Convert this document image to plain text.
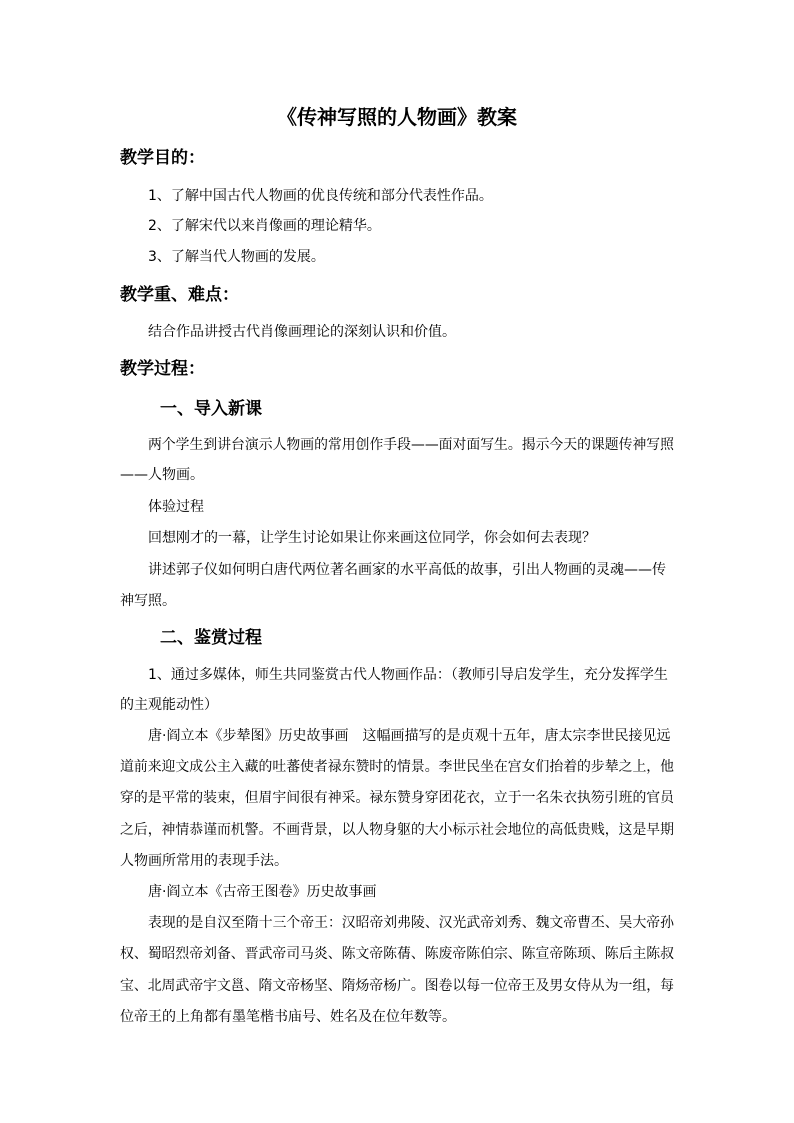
《传神写照的人物画》教案
教学目的：
1、了解中国古代人物画的优良传统和部分代表性作品。
2、了解宋代以来肖像画的理论精华。
3、了解当代人物画的发展。
教学重、难点：
结合作品讲授古代肖像画理论的深刻认识和价值。
教学过程：
一、导入新课
两个学生到讲台演示人物画的常用创作手段——面对面写生。揭示今天的课题传神写照
——人物画。
体验过程
回想刚才的一幕，让学生讨论如果让你来画这位同学，你会如何去表现？
讲述郭子仪如何明白唐代两位著名画家的水平高低的故事，引出人物画的灵魂——传
神写照。
二、鉴赏过程
1、通过多媒体，师生共同鉴赏古代人物画作品：（教师引导启发学生，充分发挥学生
的主观能动性）
唐·阎立本《步辇图》历史故事画　这幅画描写的是贞观十五年，唐太宗李世民接见远
道前来迎文成公主入藏的吐蕃使者禄东赞时的情景。李世民坐在宫女们抬着的步辇之上，他
穿的是平常的装束，但眉宇间很有神采。禄东赞身穿团花衣，立于一名朱衣执笏引班的官员
之后，神情恭谨而机警。不画背景，以人物身躯的大小标示社会地位的高低贵贱，这是早期
人物画所常用的表现手法。
唐·阎立本《古帝王图卷》历史故事画
表现的是自汉至隋十三个帝王：汉昭帝刘弗陵、汉光武帝刘秀、魏文帝曹丕、吴大帝孙
权、蜀昭烈帝刘备、晋武帝司马炎、陈文帝陈蒨、陈废帝陈伯宗、陈宣帝陈顼、陈后主陈叔
宝、北周武帝宇文邕、隋文帝杨坚、隋炀帝杨广。图卷以每一位帝王及男女侍从为一组，每
位帝王的上角都有墨笔楷书庙号、姓名及在位年数等。
